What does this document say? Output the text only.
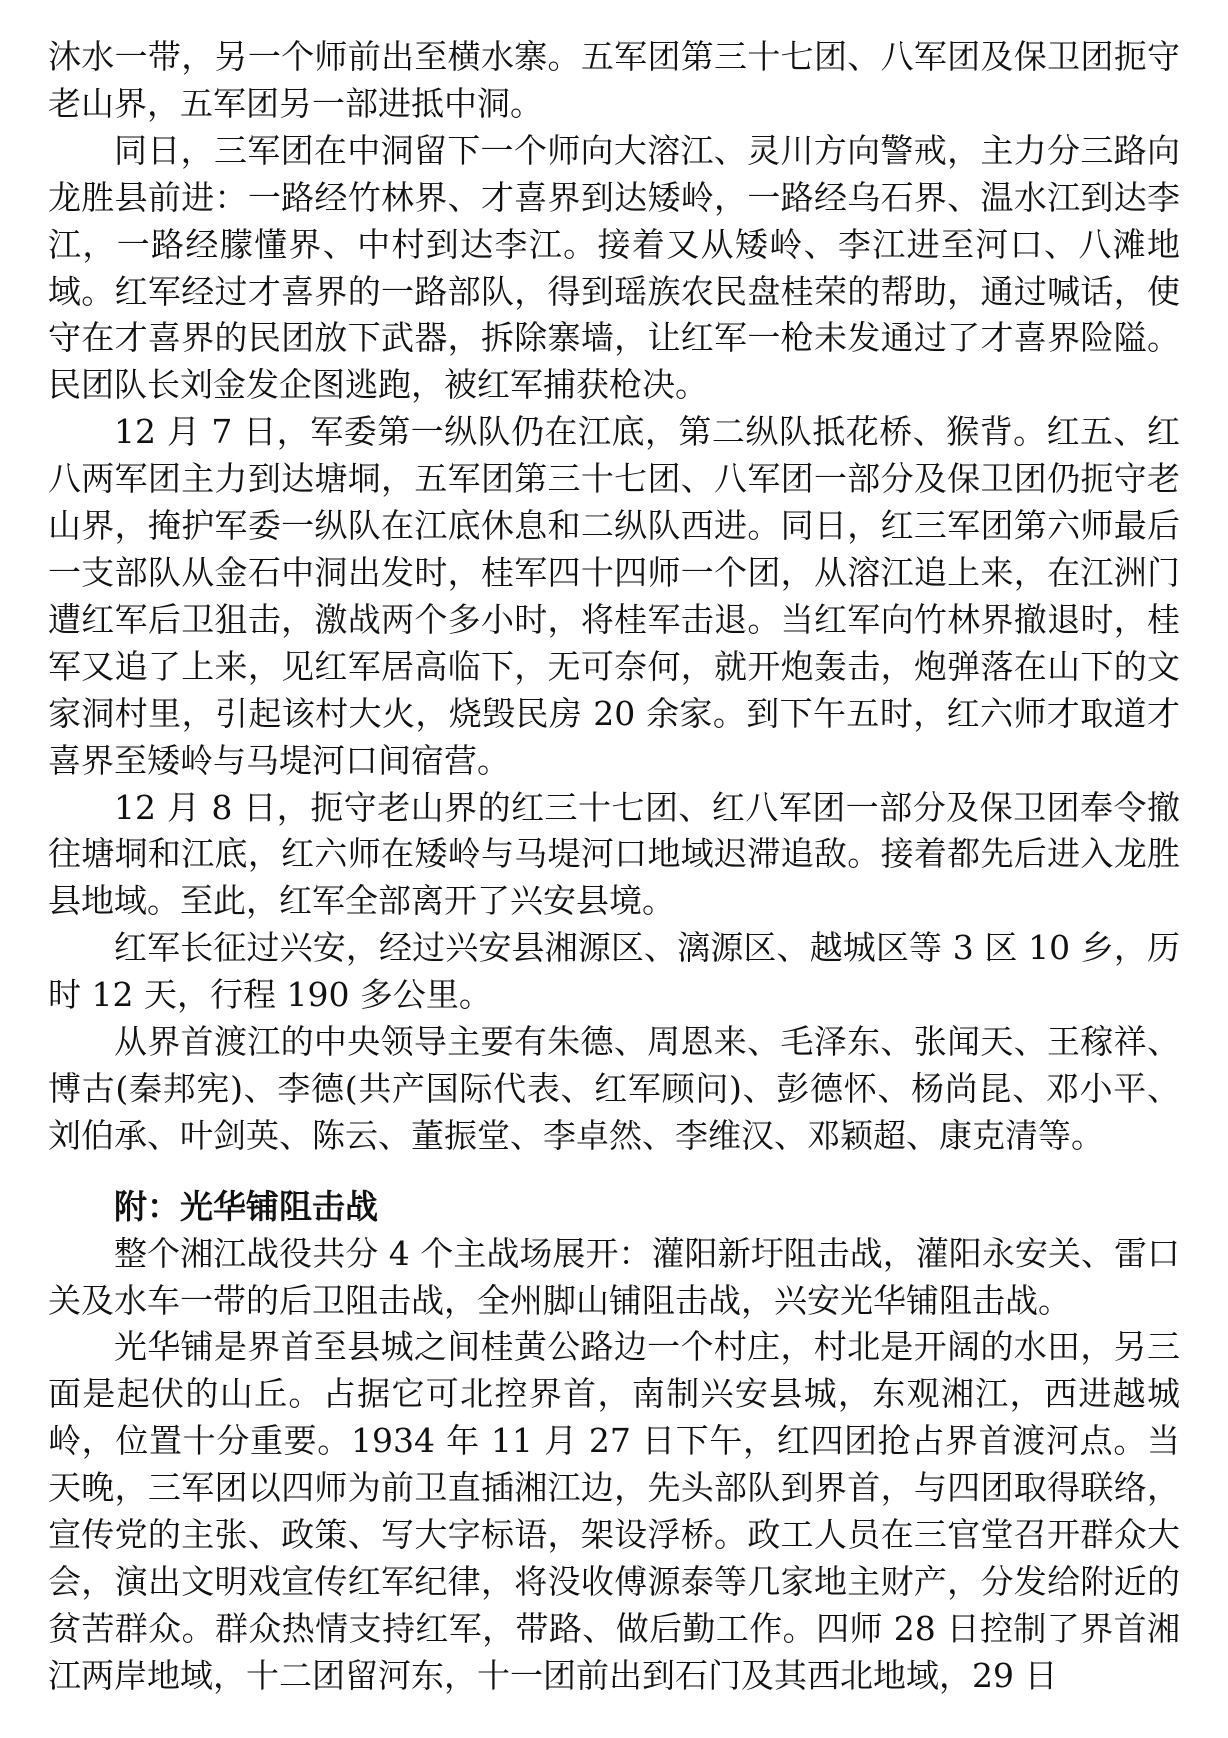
沐水一带，另一个师前出至横水寨。五军团第三十七团、八军团及保卫团扼守老山界，五军团另一部进抵中洞。

同日，三军团在中洞留下一个师向大溶江、灵川方向警戒，主力分三路向龙胜县前进：一路经竹林界、才喜界到达矮岭，一路经乌石界、温水江到达李江，一路经朦懂界、中村到达李江。接着又从矮岭、李江进至河口、八滩地域。红军经过才喜界的一路部队，得到瑶族农民盘桂荣的帮助，通过喊话，使守在才喜界的民团放下武器，拆除寨墙，让红军一枪未发通过了才喜界险隘。民团队长刘金发企图逃跑，被红军捕获枪决。

12 月 7 日，军委第一纵队仍在江底，第二纵队抵花桥、猴背。红五、红八两军团主力到达塘垌，五军团第三十七团、八军团一部分及保卫团仍扼守老山界，掩护军委一纵队在江底休息和二纵队西进。同日，红三军团第六师最后一支部队从金石中洞出发时，桂军四十四师一个团，从溶江追上来，在江洲门遭红军后卫狙击，激战两个多小时，将桂军击退。当红军向竹林界撤退时，桂军又追了上来，见红军居高临下，无可奈何，就开炮轰击，炮弹落在山下的文家洞村里，引起该村大火，烧毁民房 20 余家。到下午五时，红六师才取道才喜界至矮岭与马堤河口间宿营。

12 月 8 日，扼守老山界的红三十七团、红八军团一部分及保卫团奉令撤往塘垌和江底，红六师在矮岭与马堤河口地域迟滞追敌。接着都先后进入龙胜县地域。至此，红军全部离开了兴安县境。

红军长征过兴安，经过兴安县湘源区、漓源区、越城区等 3 区 10 乡，历时 12 天，行程 190 多公里。

从界首渡江的中央领导主要有朱德、周恩来、毛泽东、张闻天、王稼祥、博古(秦邦宪)、李德(共产国际代表、红军顾问)、彭德怀、杨尚昆、邓小平、刘伯承、叶剑英、陈云、董振堂、李卓然、李维汉、邓颖超、康克清等。

附：光华铺阻击战

整个湘江战役共分 4 个主战场展开：灌阳新圩阻击战，灌阳永安关、雷口关及水车一带的后卫阻击战，全州脚山铺阻击战，兴安光华铺阻击战。

光华铺是界首至县城之间桂黄公路边一个村庄，村北是开阔的水田，另三面是起伏的山丘。占据它可北控界首，南制兴安县城，东观湘江，西进越城岭，位置十分重要。1934 年 11 月 27 日下午，红四团抢占界首渡河点。当天晚，三军团以四师为前卫直插湘江边，先头部队到界首，与四团取得联络，宣传党的主张、政策、写大字标语，架设浮桥。政工人员在三官堂召开群众大会，演出文明戏宣传红军纪律，将没收傅源泰等几家地主财产，分发给附近的贫苦群众。群众热情支持红军，带路、做后勤工作。四师 28 日控制了界首湘江两岸地域，十二团留河东，十一团前出到石门及其西北地域，29 日
